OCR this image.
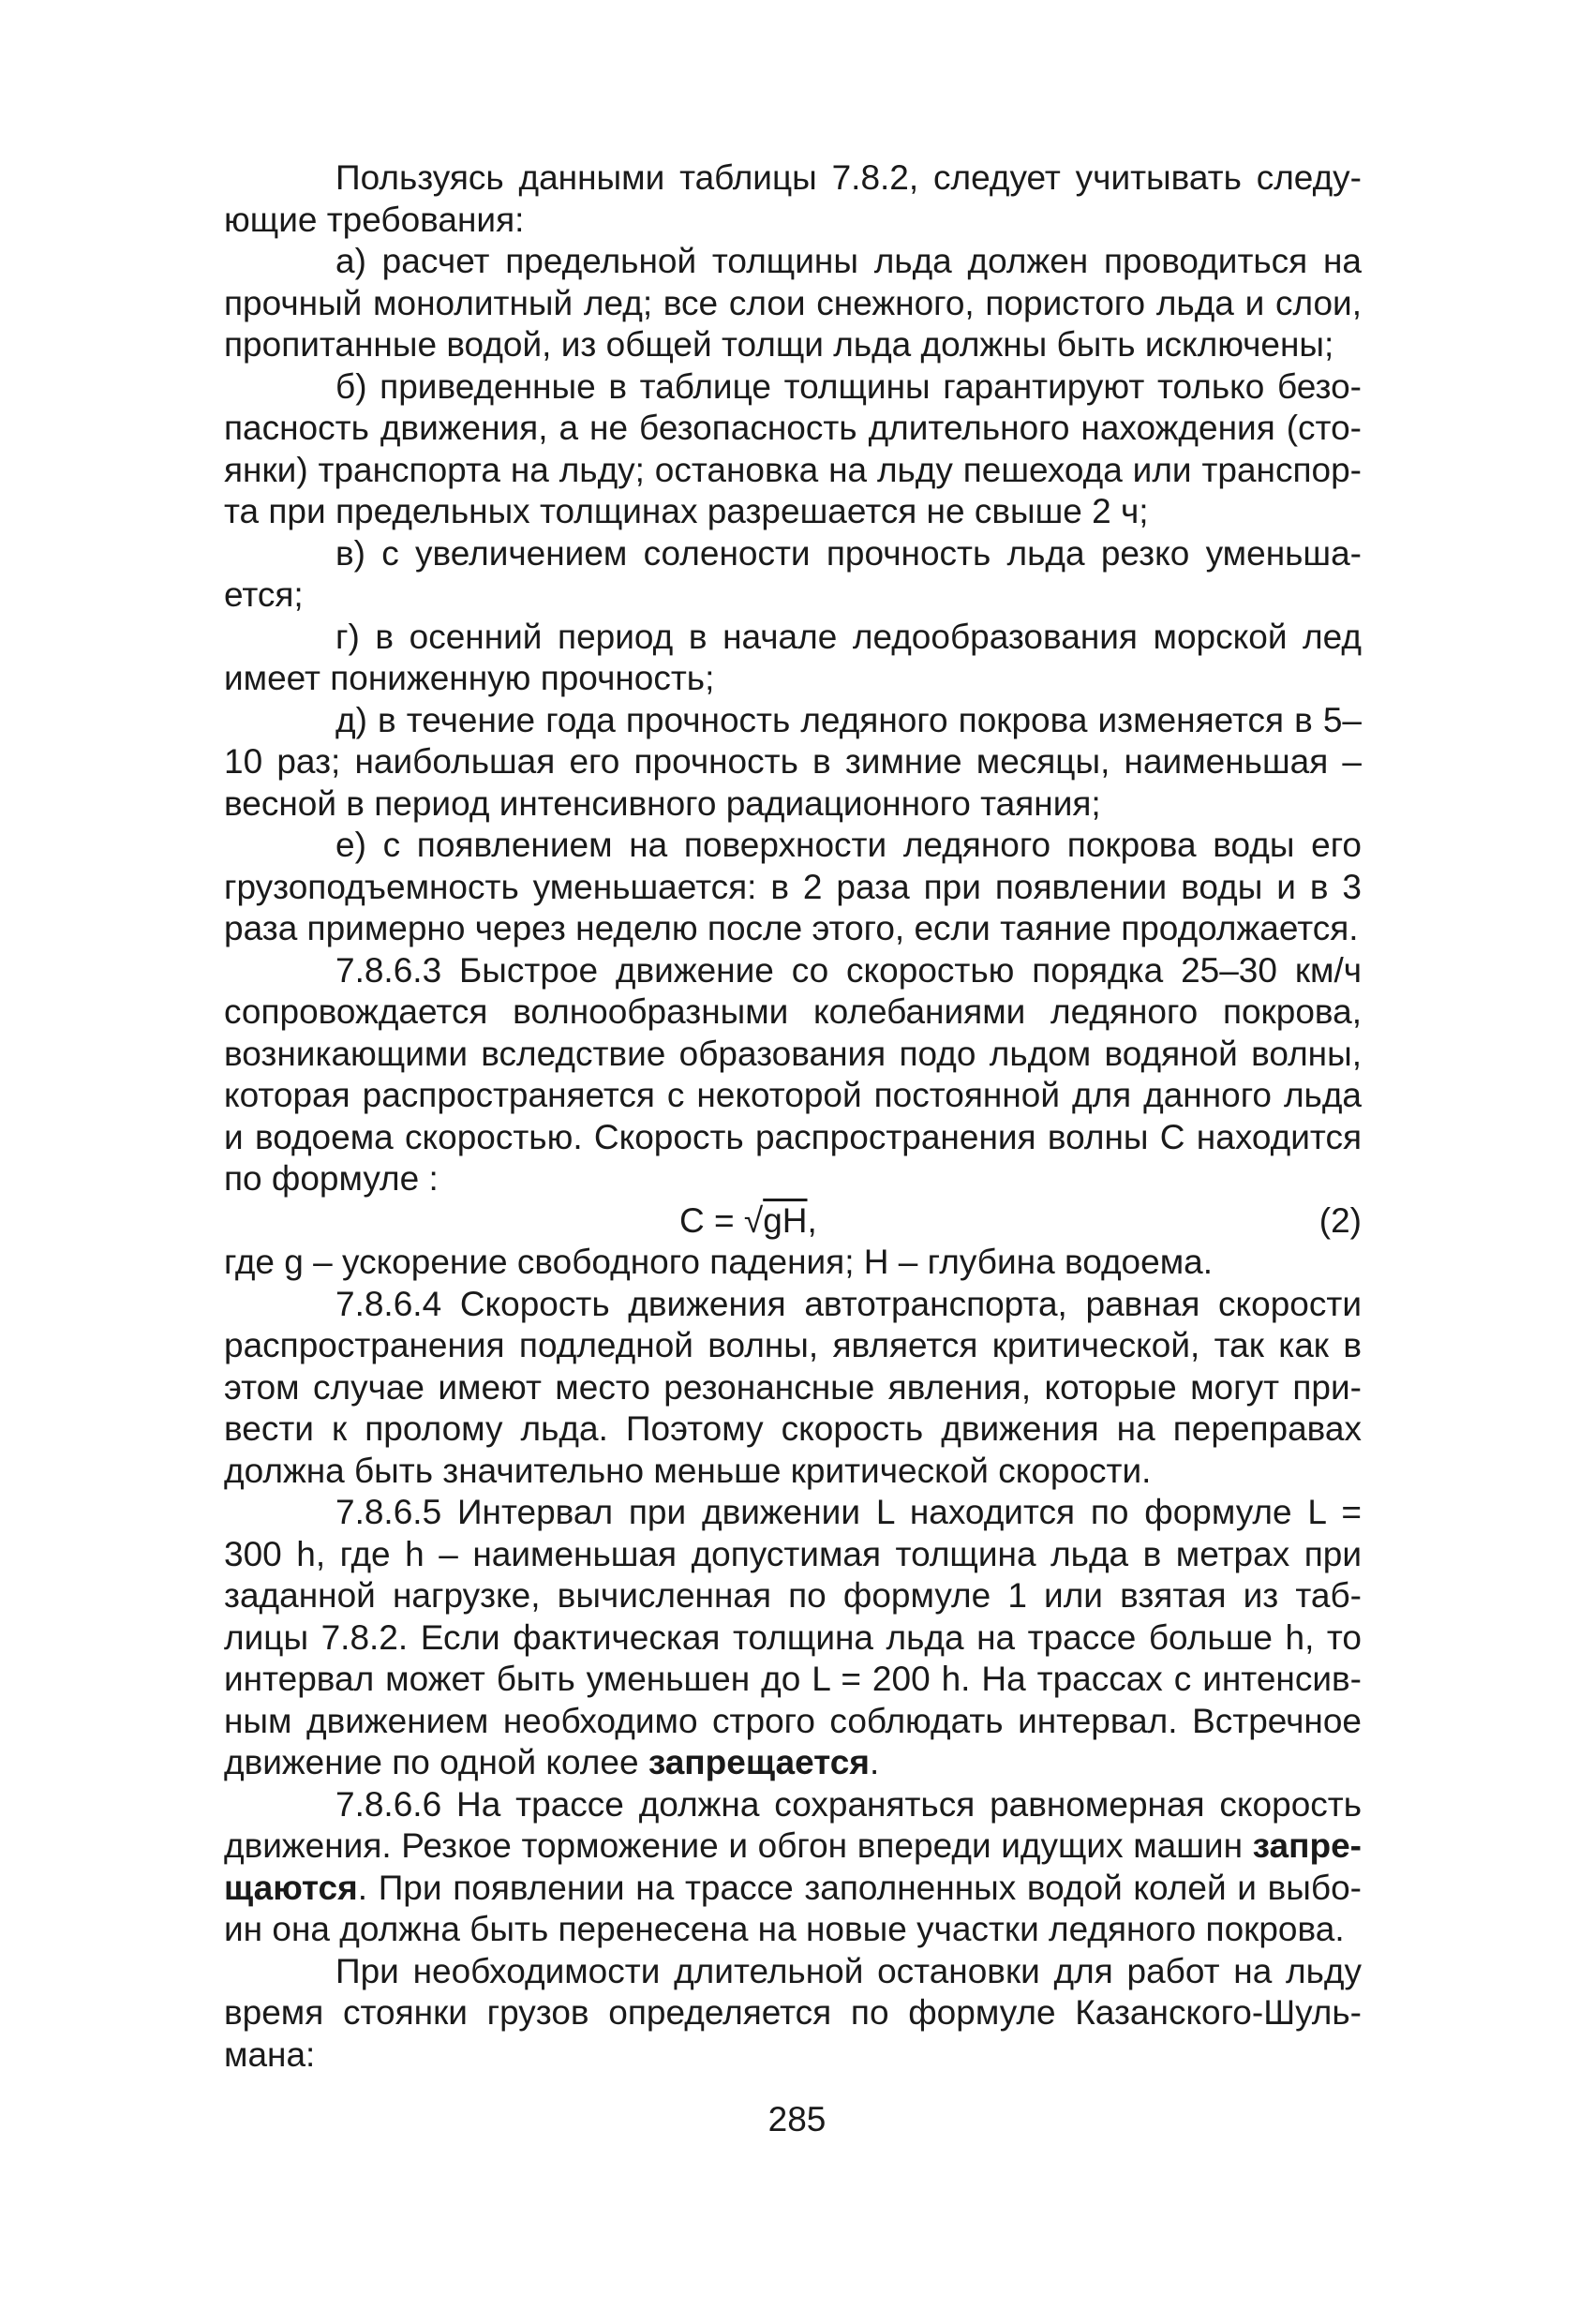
Пользуясь данными таблицы 7.8.2, следует учитывать следующие требования:

а) расчет предельной толщины льда должен проводиться на прочный монолитный лед; все слои снежного, пористого льда и слои, пропитанные водой, из общей толщи льда должны быть исключены;

б) приведенные в таблице толщины гарантируют только безопасность движения, а не безопасность длительного нахождения (стоянки) транспорта на льду; остановка на льду пешехода или транспорта при предельных толщинах разрешается не свыше 2 ч;

в) с увеличением солености прочность льда резко уменьшается;

г) в осенний период в начале ледообразования морской лед имеет пониженную прочность;

д) в течение года прочность ледяного покрова изменяется в 5–10 раз; наибольшая его прочность в зимние месяцы, наименьшая – весной в период интенсивного радиационного таяния;

е) с появлением на поверхности ледяного покрова воды его грузоподъемность уменьшается: в 2 раза при появлении воды и в 3 раза примерно через неделю после этого, если таяние продолжается.

7.8.6.3 Быстрое движение со скоростью порядка 25–30 км/ч сопровождается волнообразными колебаниями ледяного покрова, возникающими вследствие образования подо льдом водяной волны, которая распространяется с некоторой постоянной для данного льда и водоема скоростью. Скорость распространения волны С находится по формуле :

C = √gH,	(2)

где g – ускорение свободного падения; Н – глубина водоема.

7.8.6.4 Скорость движения автотранспорта, равная скорости распространения подледной волны, является критической, так как в этом случае имеют место резонансные явления, которые могут привести к пролому льда. Поэтому скорость движения на переправах должна быть значительно меньше критической скорости.

7.8.6.5 Интервал при движении L находится по формуле L = 300 h, где h – наименьшая допустимая толщина льда в метрах при заданной нагрузке, вычисленная по формуле 1 или взятая из таблицы 7.8.2. Если фактическая толщина льда на трассе больше h, то интервал может быть уменьшен до L = 200 h. На трассах с интенсивным движением необходимо строго соблюдать интервал. Встречное движение по одной колее запрещается.

7.8.6.6 На трассе должна сохраняться равномерная скорость движения. Резкое торможение и обгон впереди идущих машин запрещаются. При появлении на трассе заполненных водой колей и выбоин она должна быть перенесена на новые участки ледяного покрова.

При необходимости длительной остановки для работ на льду время стоянки грузов определяется по формуле Казанского-Шульмана:

285
